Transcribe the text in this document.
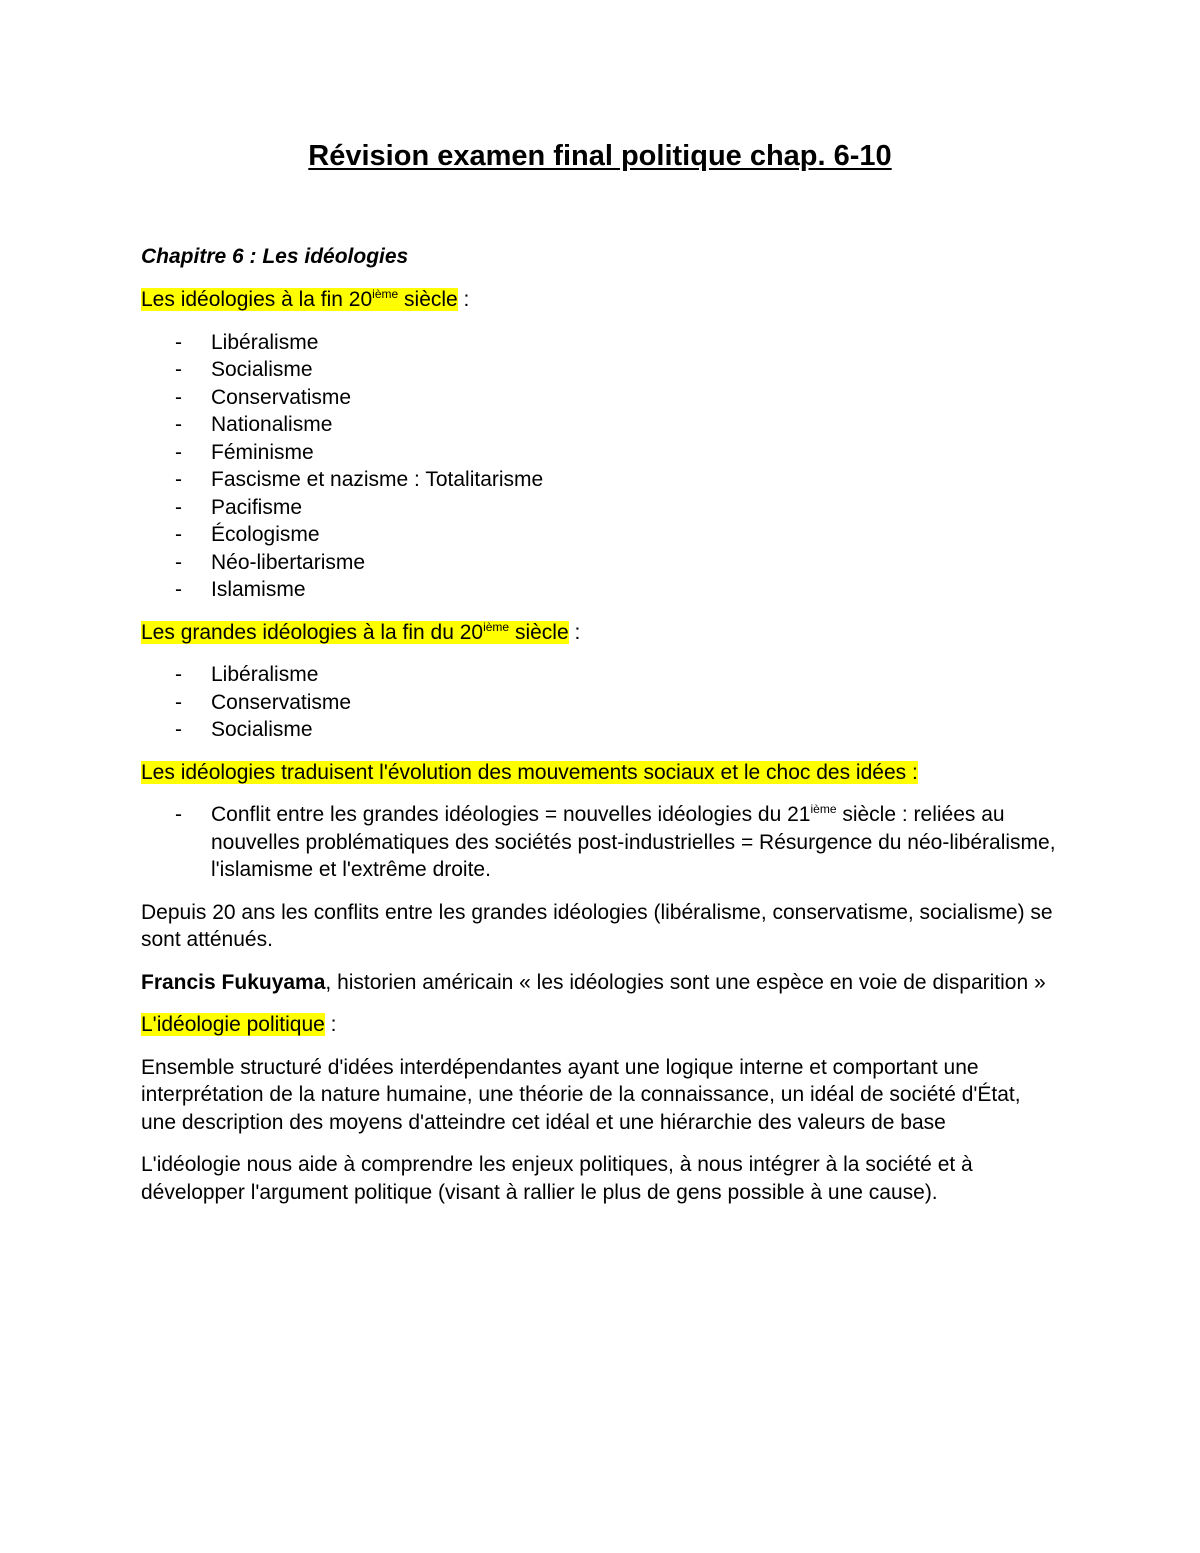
Révision examen final politique chap. 6-10

Chapitre 6 : Les idéologies

Les idéologies à la fin 20ième siècle :

- Libéralisme
- Socialisme
- Conservatisme
- Nationalisme
- Féminisme
- Fascisme et nazisme : Totalitarisme
- Pacifisme
- Écologisme
- Néo-libertarisme
- Islamisme

Les grandes idéologies à la fin du 20ième siècle :

- Libéralisme
- Conservatisme
- Socialisme

Les idéologies traduisent l'évolution des mouvements sociaux et le choc des idées :

- Conflit entre les grandes idéologies = nouvelles idéologies du 21ième siècle : reliées au nouvelles problématiques des sociétés post-industrielles = Résurgence du néo-libéralisme, l'islamisme et l'extrême droite.

Depuis 20 ans les conflits entre les grandes idéologies (libéralisme, conservatisme, socialisme) se sont atténués.

Francis Fukuyama, historien américain « les idéologies sont une espèce en voie de disparition »

L'idéologie politique :

Ensemble structuré d'idées interdépendantes ayant une logique interne et comportant une interprétation de la nature humaine, une théorie de la connaissance, un idéal de société d'État, une description des moyens d'atteindre cet idéal et une hiérarchie des valeurs de base

L'idéologie nous aide à comprendre les enjeux politiques, à nous intégrer à la société et à développer l'argument politique (visant à rallier le plus de gens possible à une cause).
